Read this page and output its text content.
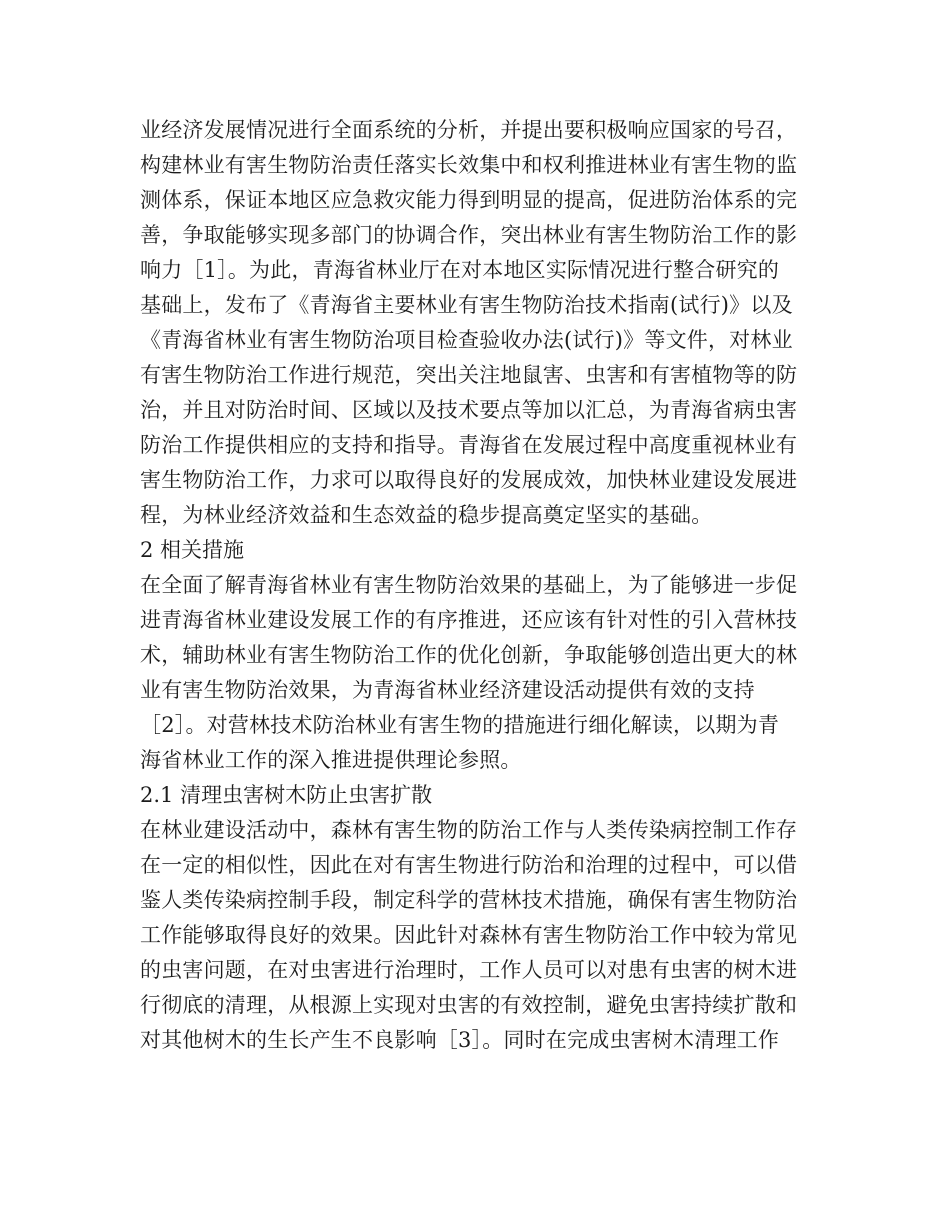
业经济发展情况进行全面系统的分析，并提出要积极响应国家的号召，
构建林业有害生物防治责任落实长效集中和权利推进林业有害生物的监
测体系，保证本地区应急救灾能力得到明显的提高，促进防治体系的完
善，争取能够实现多部门的协调合作，突出林业有害生物防治工作的影
响力［1］。为此，青海省林业厅在对本地区实际情况进行整合研究的
基础上，发布了《青海省主要林业有害生物防治技术指南(试行)》以及
《青海省林业有害生物防治项目检查验收办法(试行)》等文件，对林业
有害生物防治工作进行规范，突出关注地鼠害、虫害和有害植物等的防
治，并且对防治时间、区域以及技术要点等加以汇总，为青海省病虫害
防治工作提供相应的支持和指导。青海省在发展过程中高度重视林业有
害生物防治工作，力求可以取得良好的发展成效，加快林业建设发展进
程，为林业经济效益和生态效益的稳步提高奠定坚实的基础。
2 相关措施
在全面了解青海省林业有害生物防治效果的基础上，为了能够进一步促
进青海省林业建设发展工作的有序推进，还应该有针对性的引入营林技
术，辅助林业有害生物防治工作的优化创新，争取能够创造出更大的林
业有害生物防治效果，为青海省林业经济建设活动提供有效的支持
［2］。对营林技术防治林业有害生物的措施进行细化解读，以期为青
海省林业工作的深入推进提供理论参照。
2.1 清理虫害树木防止虫害扩散
在林业建设活动中，森林有害生物的防治工作与人类传染病控制工作存
在一定的相似性，因此在对有害生物进行防治和治理的过程中，可以借
鉴人类传染病控制手段，制定科学的营林技术措施，确保有害生物防治
工作能够取得良好的效果。因此针对森林有害生物防治工作中较为常见
的虫害问题，在对虫害进行治理时，工作人员可以对患有虫害的树木进
行彻底的清理，从根源上实现对虫害的有效控制，避免虫害持续扩散和
对其他树木的生长产生不良影响［3］。同时在完成虫害树木清理工作
